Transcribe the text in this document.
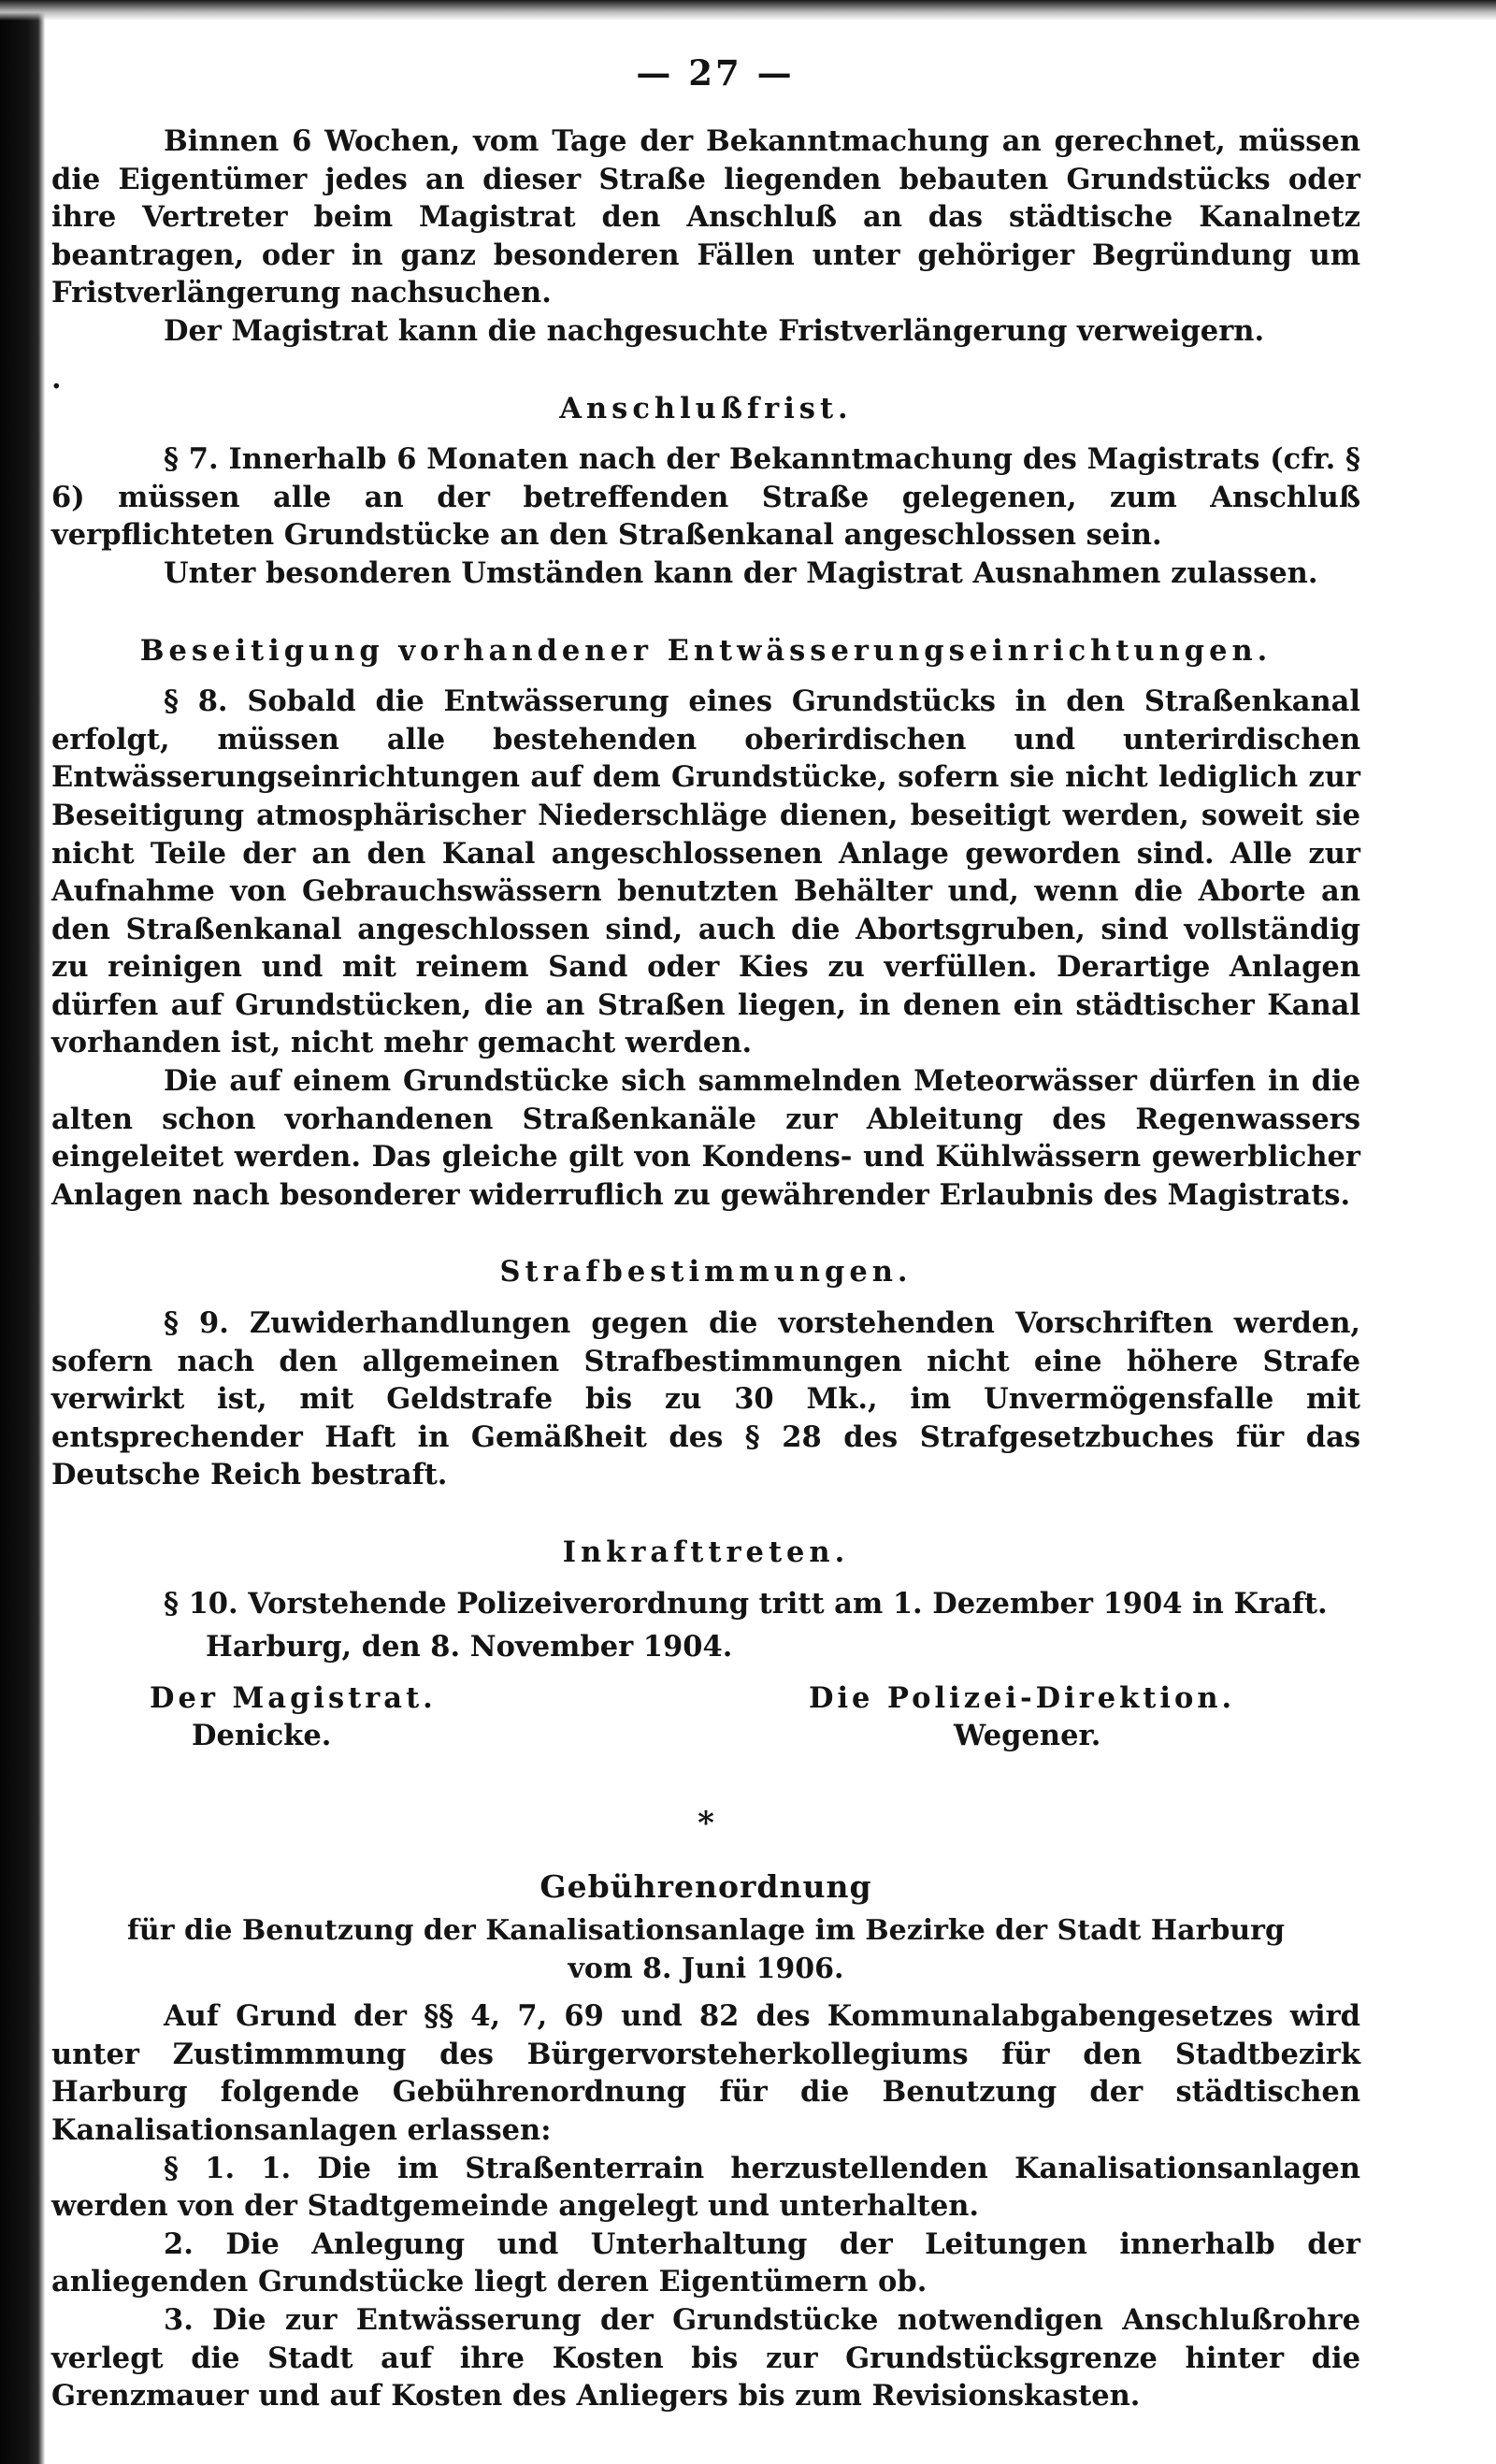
— 27 —

Binnen 6 Wochen, vom Tage der Bekanntmachung an gerechnet, müssen die Eigentümer jedes an dieser Straße liegenden bebauten Grundstücks oder ihre Vertreter beim Magistrat den Anschluß an das städtische Kanalnetz beantragen, oder in ganz besonderen Fällen unter gehöriger Begründung um Fristverlängerung nachsuchen.

Der Magistrat kann die nachgesuchte Fristverlängerung verweigern.

.
Anschlußfrist.

§ 7. Innerhalb 6 Monaten nach der Bekanntmachung des Magistrats (cfr. § 6) müssen alle an der betreffenden Straße gelegenen, zum Anschluß verpflichteten Grundstücke an den Straßenkanal angeschlossen sein.

Unter besonderen Umständen kann der Magistrat Ausnahmen zulassen.

Beseitigung vorhandener Entwässerungseinrichtungen.

§ 8. Sobald die Entwässerung eines Grundstücks in den Straßenkanal erfolgt, müssen alle bestehenden oberirdischen und unterirdischen Entwässerungseinrichtungen auf dem Grundstücke, sofern sie nicht lediglich zur Beseitigung atmosphärischer Niederschläge dienen, beseitigt werden, soweit sie nicht Teile der an den Kanal angeschlossenen Anlage geworden sind. Alle zur Aufnahme von Gebrauchswässern benutzten Behälter und, wenn die Aborte an den Straßenkanal angeschlossen sind, auch die Abortsgruben, sind vollständig zu reinigen und mit reinem Sand oder Kies zu verfüllen. Derartige Anlagen dürfen auf Grundstücken, die an Straßen liegen, in denen ein städtischer Kanal vorhanden ist, nicht mehr gemacht werden.

Die auf einem Grundstücke sich sammelnden Meteorwässer dürfen in die alten schon vorhandenen Straßenkanäle zur Ableitung des Regenwassers eingeleitet werden. Das gleiche gilt von Kondens- und Kühlwässern gewerblicher Anlagen nach besonderer widerruflich zu gewährender Erlaubnis des Magistrats.

Strafbestimmungen.

§ 9. Zuwiderhandlungen gegen die vorstehenden Vorschriften werden, sofern nach den allgemeinen Strafbestimmungen nicht eine höhere Strafe verwirkt ist, mit Geldstrafe bis zu 30 Mk., im Unvermögensfalle mit entsprechender Haft in Gemäßheit des § 28 des Strafgesetzbuches für das Deutsche Reich bestraft.

Inkrafttreten.

§ 10. Vorstehende Polizeiverordnung tritt am 1. Dezember 1904 in Kraft.

Harburg, den 8. November 1904.

Der Magistrat.
Denicke.
Die Polizei-Direktion.
Wegener.
*
Gebührenordnung
für die Benutzung der Kanalisationsanlage im Bezirke der Stadt Harburg
vom 8. Juni 1906.

Auf Grund der §§ 4, 7, 69 und 82 des Kommunalabgabengesetzes wird unter Zustimmmung des Bürgervorsteherkollegiums für den Stadtbezirk Harburg folgende Gebührenordnung für die Benutzung der städtischen Kanalisationsanlagen erlassen:

§ 1. 1. Die im Straßenterrain herzustellenden Kanalisationsanlagen werden von der Stadtgemeinde angelegt und unterhalten.

2. Die Anlegung und Unterhaltung der Leitungen innerhalb der anliegenden Grundstücke liegt deren Eigentümern ob.

3. Die zur Entwässerung der Grundstücke notwendigen Anschlußrohre verlegt die Stadt auf ihre Kosten bis zur Grundstücksgrenze hinter die Grenzmauer und auf Kosten des Anliegers bis zum Revisionskasten.
